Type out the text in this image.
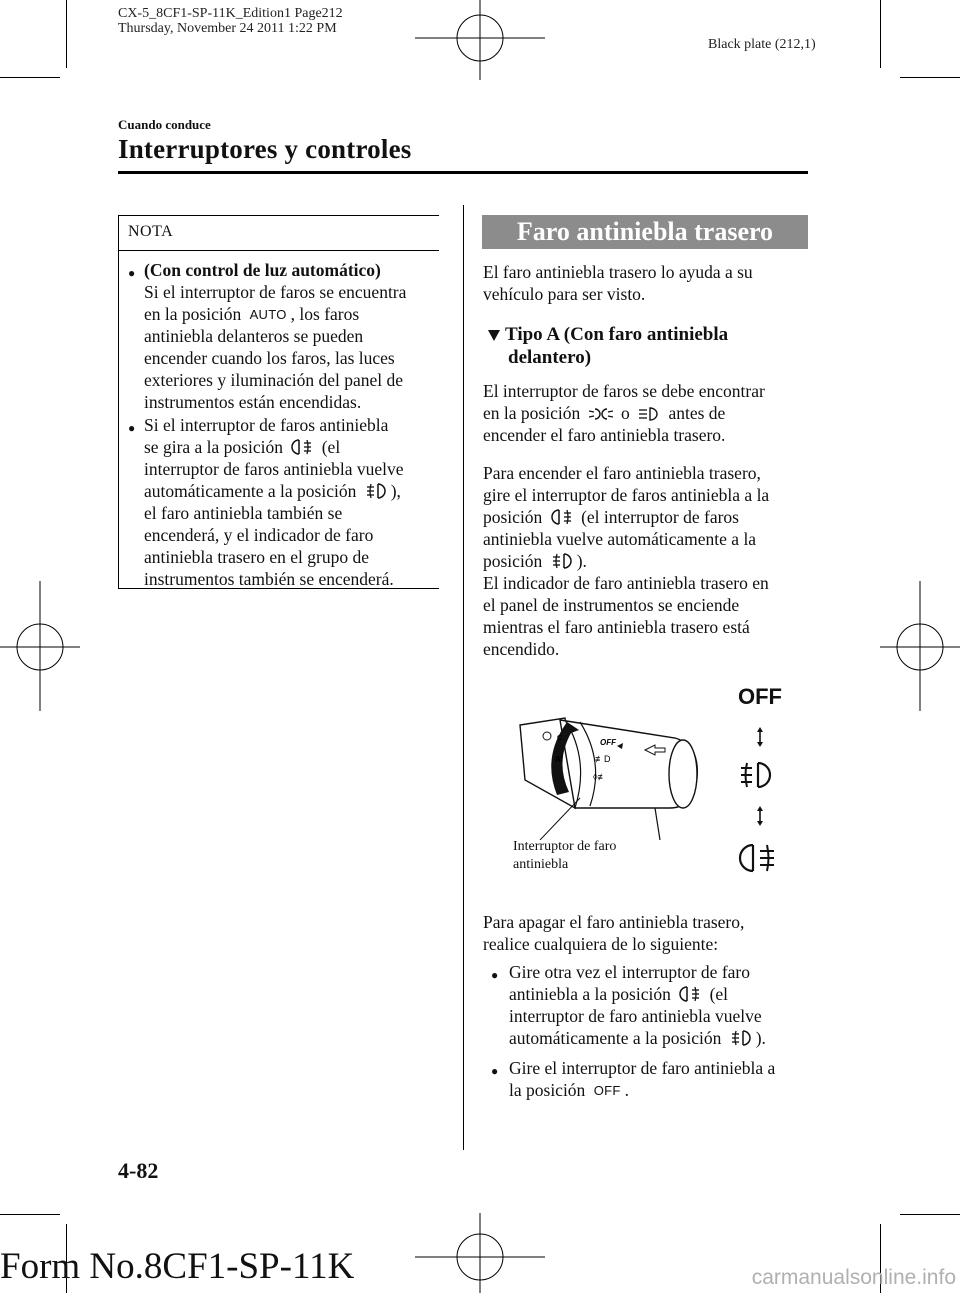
CX-5_8CF1-SP-11K_Edition1 Page212
Thursday, November 24 2011 1:22 PM
Black plate (212,1)
Cuando conduce
Interruptores y controles
NOTA
● (Con control de luz automático)
Si el interruptor de faros se encuentra
en la posición AUTO , los faros
antiniebla delanteros se pueden
encender cuando los faros, las luces
exteriores y iluminación del panel de
instrumentos están encendidas.
● Si el interruptor de faros antiniebla
se gira a la posición  (el
interruptor de faros antiniebla vuelve
automáticamente a la posición ),
el faro antiniebla también se
encenderá, y el indicador de faro
antiniebla trasero en el grupo de
instrumentos también se encenderá.
Faro antiniebla trasero
El faro antiniebla trasero lo ayuda a su
vehículo para ser visto.
Tipo A (Con faro antiniebla
delantero)
El interruptor de faros se debe encontrar
en la posición  o  antes de
encender el faro antiniebla trasero.
Para encender el faro antiniebla trasero,
gire el interruptor de faros antiniebla a la
posición  (el interruptor de faros
antiniebla vuelve automáticamente a la
posición ).
El indicador de faro antiniebla trasero en
el panel de instrumentos se enciende
mientras el faro antiniebla trasero está
encendido.
C
Al
OFF
≢D
◊≢
Interruptor de faro
antiniebla
OFF
Para apagar el faro antiniebla trasero,
realice cualquiera de lo siguiente:
● Gire otra vez el interruptor de faro
antiniebla a la posición  (el
interruptor de faro antiniebla vuelve
automáticamente a la posición ).
● Gire el interruptor de faro antiniebla a
la posición OFF .
4-82
Form No.8CF1-SP-11K	carmanualsonline.info
